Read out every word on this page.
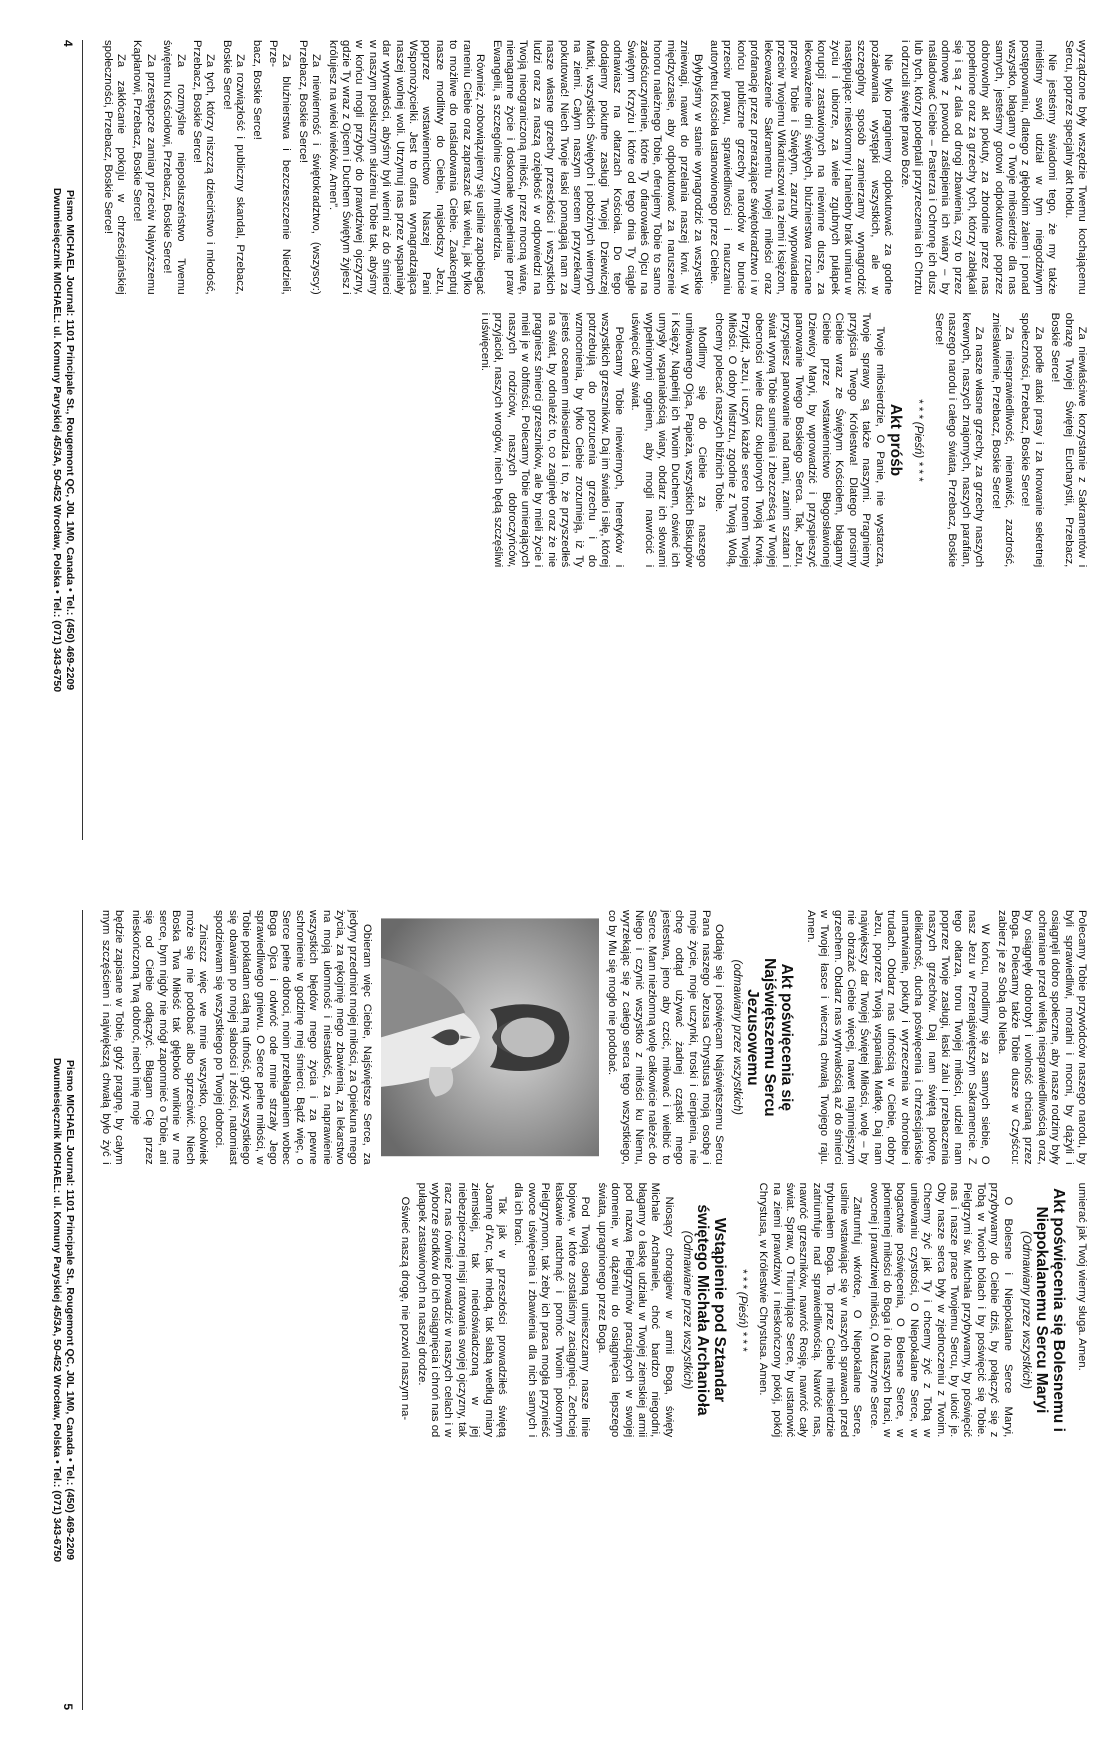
wyrządzone były wszędzie Twemu kochającemu Sercu, poprzez specjalny akt hołdu.

Nie jesteśmy świadomi tego, że my także mieliśmy swój udział w tym niegodziwym postępowaniu, dlatego z głębokim żalem i ponad wszystko, błagamy o Twoje miłosierdzie dla nas samych, jesteśmy gotowi odpokutować poprzez dobrowolny akt pokuty, za zbrodnie przez nas popełnione oraz za grzechy tych, którzy zabłąkali się i są z dala od drogi zbawienia, czy to przez odmowę z powodu zaślepienia ich wiary – by naśladować Ciebie – Pasterza i Ochronę ich dusz lub tych, którzy podeptali przyrzeczenia ich Chrztu i odrzucili święte prawo Boże.

Nie tylko pragniemy odpokutować za godne pożałowania występki wszystkich, ale w szczególny sposób zamierzamy wynagrodzić następujące: nieskromny i haniebny brak umiaru w życiu i ubiorze, za wiele zgubnych pułapek korupcji zastawionych na niewinne dusze, za lekceważenie dni świętych, bluźnierstwa rzucane przeciw Tobie i Świętym, zarzuty wypowiadane przeciw Twojemu Wikariuszowi na ziemi i księżom, lekceważenie Sakramentu Twojej miłości oraz profanację przez przerażające świętokradztwo i w końcu publiczne grzechy narodów w buncie przeciw prawu, sprawiedliwości i nauczaniu autorytetu Kościoła ustanowionego przez Ciebie.

Byłybyśmy w stanie wynagrodzić za wszystkie zniewagi, nawet do przelania naszej krwi. W międzyczasie, aby odpokutować za naruszenie honoru należnego Tobie, oferujemy Tobie to samo zadośćuczynienie, które Ty ofiarowałeś Ojcu na Świętym Krzyżu i które od tego dnia Ty ciągle odnawiasz na ołtarzach Kościoła. Do tego dodajemy pokutne zasługi Twojej Dziewiczej Matki, wszystkich Świętych i pobożnych wiernych na ziemi. Całym naszym sercem przyrzekamy pokutować! Niech Twoje łaski pomagają nam za nasze własne grzechy przeszłości i wszystkich ludzi oraz za naszą oziębłość w odpowiedzi na Twoją nieograniczoną miłość, przez mocną wiarę, nienaganne życie i doskonałe wypełnianie praw Ewangelii, a szczególnie czyny miłosierdzia.

Również, zobowiązujemy się usilnie zapobiegać raneniu Ciebie oraz zapraszać tak wielu, jak tylko to możliwe do naśladowania Ciebie. Zaakceptuj nasze modlitwy do Ciebie, najsłodszy Jezu, poprzez wstawiennictwo Naszej Pani Wspomożycielki. Jest to ofiara wynagradzająca naszej wolnej woli. Utrzymuj nas przez wspaniały dar wytrwałości, abyśmy byli wierni aż do śmierci w naszym posłusznym służeniu Tobie tak, abyśmy w końcu mogli przybyć do prawdziwej ojczyzny, gdzie Ty wraz z Ojcem i Duchem Świętym żyjesz i królujesz na wieki wieków. Amen”.

Za niewierność i świętokradztwo, (wszyscy:) Przebacz, Boskie Serce!

Za bluźnierstwa i bezczeszczenie Niedzieli, Prze-

bacz, Boskie Serce!

Za rozwiązłość i publiczny skandal, Przebacz, Boskie Serce!

Za tych, którzy niszczą dzieciństwo i młodość, Przebacz, Boskie Serce!

Za rozmyślne nieposłuszeństwo Twemu świętemu Kościołowi, Przebacz, Boskie Serce!

Za przestępcze zamiary przeciw Najwyższemu Kapłanowi, Przebacz, Boskie Serce!

Za zakłócanie pokoju w chrześcijańskiej społeczności, Przebacz, Boskie Serce!

Za niewłaściwe korzystanie z Sakramentów i obrazę Twojej Świętej Eucharystii, Przebacz, Boskie Serce!

Za podłe ataki prasy i za knowanie sekretnej społeczności, Przebacz, Boskie Serce!

Za niesprawiedliwość, nienawiść, zazdrość, zniesławienie, Przebacz, Boskie Serce!

Za nasze własne grzechy, za grzechy naszych krewnych, naszych znajomych, naszych parafian, naszego narodu i całego świata, Przebacz, Boskie Serce!

* * * (Pieśń) * * *
Akt próśb

Twoje miłosierdzie, O Panie, nie wystarcza, Twoje sprawy są także naszymi. Pragniemy przyjścia Twego Królestwa! Dlatego prosimy Ciebie wraz ze Świętym Kościołem, błagamy Ciebie przez wstawiennictwo Błogosławionej Dziewicy Maryi, by wprowadzić i przyspieszyć panowanie Twego Boskiego Serca. Tak, Jezu, przyspiesz panowanie nad nami, zanim szatan i świat wyrwą Tobie sumienia i zbezcześcą w Twojej obecności wiele dusz okupionych Twoją Krwią. Przyjdź, Jezu, i uczyń każde serce tronem Twojej Miłości. O dobry Mistrzu, zgodnie z Twoją Wolą, chcemy polecać naszych bliźnich Tobie.

Modlimy się do Ciebie za naszego umiłowanego Ojca, Papieża, wszystkich Biskupów i Księży. Napełnij ich Twoim Duchem, oświeć ich umysły wspaniałością wiary, obdarz ich słowami wypełnionymi ogniem, aby mogli nawrócić i uświęcić cały świat.

Polecamy Tobie niewiernych, heretyków i wszystkich grzeszników. Daj im światło i siłę, której potrzebują do porzucenia grzechu i do wzmocnienia, by tylko Ciebie zrozumieją, iż Ty jesteś oceanem miłosierdzia i to, że przyszedłeś na świat, by odnaleźć to, co zaginęło oraz że nie pragniesz śmierci grzeszników, ale by mieli życie i mieli je w obfitości. Polecamy Tobie umierających naszych rodziców, naszych dobroczyńców, przyjaciół, naszych wrogów, niech będą szczęśliwi i uświęceni.

4
Pismo MICHAEL Journal: 1101 Principale St., Rougemont QC, J0L 1M0, Canada • Tel.: (450) 469-2209
Dwumiesięcznik MICHAEL: ul. Komuny Paryskiej 45/3A, 50-452 Wrocław, Polska • Tel.: (071) 343-6750

Polecamy Tobie przywódców naszego narodu, by byli sprawiedliwi, moralni i mocni, by dążyli i osiągnęli dobro społeczne, aby nasze rodziny były ochraniane przed wielką niesprawiedliwością oraz, by osiągnęły dobrobyt i wolność chcianą przez Boga. Polecamy także Tobie dusze w Czyśćcu: zabierz je ze Sobą do Nieba.

W końcu, modlimy się za samych siebie, O nasz Jezu w Przenajświętszym Sakramencie. Z tego ołtarza, tronu Twojej miłości, udziel nam poprzez Twoje zasługi, łaski żalu i przebaczenia naszych grzechów. Daj nam świętą pokorę, delikatność, ducha poświęcenia i chrześcijańskie umartwianie, pokuty i wyrzeczenia w chorobie i trudach. Obdarz nas ufnością w Ciebie, dobry Jezu, poprzez Twoją wspaniałą Matkę. Daj nam największy dar Twojej Świętej Miłości, wolę – by nie obrażać Ciebie więcej, nawet najmniejszym grzechem. Obdarz nas wytrwałością aż do śmierci w Twojej łasce i wieczną chwałą Twojego raju. Amen.

Akt poświęcenia się Najświętszemu Sercu Jezusowemu
(odmawiany przez wszystkich)

Oddaję się i poświęcam Najświętszemu Sercu Pana naszego Jezusa Chrystusa moją osobę i moje życie, moje uczynki, troski i cierpienia, nie chcę odtąd używać żadnej cząstki mego jestestwa, jeno aby czcić, miłować i wielbić to Serce. Mam niezłomną wolę całkowicie należeć do Niego i czynić wszystko z miłości ku Niemu, wyrzekając się z całego serca tego wszystkiego, co by Mu się mogło nie podobać.

Obieram więc Ciebie, Najświętsze Serce, za jedyny przedmiot mojej miłości, za Opiekuna mego życia, za rękojmię mego zbawienia, za lekarstwo na moją ułomność i niestałość, za naprawienie wszystkich błędów mego życia i za pewne schronienie w godzinę mej śmierci. Bądź więc, o Serce pełne dobroci, moim przebłaganiem wobec Boga Ojca i odwróć ode mnie strzały Jego sprawiedliwego gniewu. O Serce pełne miłości, w Tobie pokładam całą mą ufność, gdyż wszystkiego się obawiam po mojej słabości i złości, natomiast spodziewam się wszystkiego po Twojej dobroci.

Zniszcz więc we mnie wszystko, cokolwiek może się nie podobać albo sprzeciwić. Niech Boska Twa Miłość tak głęboko wniknie w me serce, bym nigdy nie mógł zapomnieć o Tobie, ani się od Ciebie odłączyć. Błagam Cię przez nieskończoną Twą dobroć, niech imię moje

będzie zapisane w Tobie, gdyż pragnę, by całym mym szczęściem i największą chwałą było żyć i umierać jak Twój wierny sługa. Amen.

Akt poświęcenia się Bolesnemu i Niepokalanemu Sercu Maryi
(Odmawiany przez wszystkich)

O Bolesne i Niepokalane Serce Maryi, przybywamy do Ciebie dziś, by połączyć się z Tobą w Twoich bólach i by poświęcić się Tobie. Pielgrzymi św. Michała przybywamy, by poświęcić nas i nasze prace Twojemu Sercu, by ukoić je. Oby nasze serca były w zjednoczeniu z Twoim. Chcemy żyć jak Ty i chcemy żyć z Tobą w umiłowaniu czystości, O Niepokalane Serce, w bogactwie poświęcenia, O Bolesne Serce, w płomiennej miłości do Boga i do naszych braci, w owocnej i prawdziwej miłości, O Matczyne Serce.

Zatrumfuj wkrótce, O Niepokalane Serce, usilnie wstawiając się w naszych sprawach przed trybunałem Boga. To przez Ciebie miłosierdzie zatriumfuje nad sprawiedliwością. Nawróć nas, nawróć grzeszników, nawróć Rosję, nawróć cały świat. Spraw, O Triumfujące Serce, by ustanowić na ziemi prawdziwy i nieskończony pokój, pokój Chrystusa, w Królestwie Chrystusa. Amen.

* * * (Pieśń) * * *
Wstąpienie pod Sztandar świętego Michała Archanioła
(Odmawiane przez wszystkich)

Niosący chorągiew w armii Boga, święty Michale Archaniele, choć bardzo niegodni, błagamy o łaskę udziału w Twojej ziemskiej armii pod nazwą Pielgrzymów pracujących w swojej domenie, w dążeniu do osiągnięcia lepszego świata, upragnionego przez Boga.

Pod Twoją osłoną umieszczamy nasze linie bojowe, w które zostaliśmy zaciągnięci. Zechciej łaskawie natchnąć i pomóc Twoim pokornym Pielgrzymom, tak żeby ich praca mogła przynieść owoce uświęcenia i zbawienia dla nich samych i dla ich braci.

Tak jak w przeszłości prowadziłeś świętą Joannę d'Arc, tak młodą, tak słabą według miary ziemskiej, tak niedoświadczoną w jej niebezpiecznej misji ratowania swojej ojczyzny, tak racz nas również prowadzić w naszych celach i w wyborze środków do ich osiągnięcia i chroń nas od pułapek zastawionych na naszej drodze.

Oświeć naszą drogę, nie pozwól naszym na-

5
Pismo MICHAEL Journal: 1101 Principale St., Rougemont QC, J0L 1M0, Canada • Tel.: (450) 469-2209
Dwumiesięcznik MICHAEL: ul. Komuny Paryskiej 45/3A, 50-452 Wrocław, Polska • Tel.: (071) 343-6750
